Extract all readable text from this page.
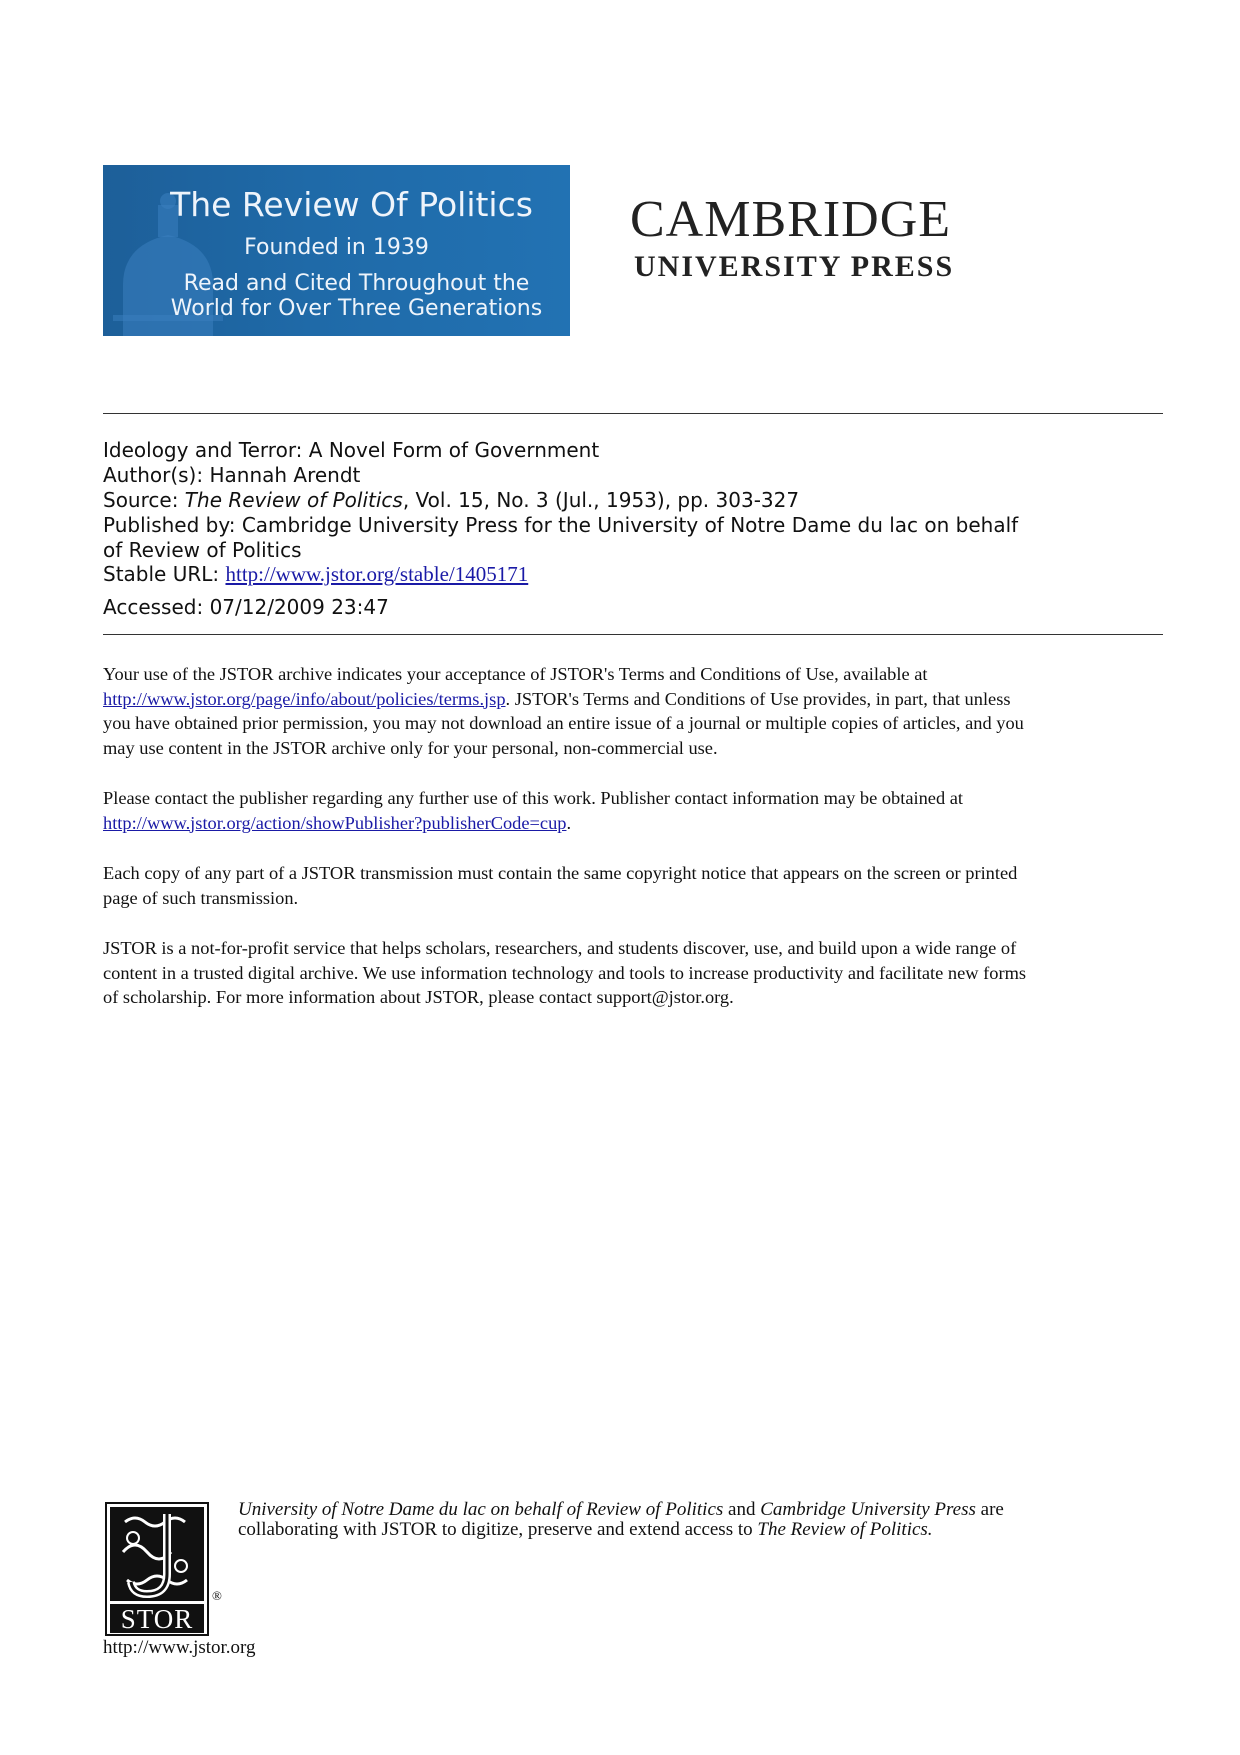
The Review Of Politics
Founded in 1939
Read and Cited Throughout the
World for Over Three Generations
CAMBRIDGE
UNIVERSITY PRESS
Ideology and Terror: A Novel Form of Government
Author(s): Hannah Arendt
Source: The Review of Politics, Vol. 15, No. 3 (Jul., 1953), pp. 303-327
Published by: Cambridge University Press for the University of Notre Dame du lac on behalf
of Review of Politics
Stable URL: http://www.jstor.org/stable/1405171
Accessed: 07/12/2009 23:47
Your use of the JSTOR archive indicates your acceptance of JSTOR's Terms and Conditions of Use, available at
http://www.jstor.org/page/info/about/policies/terms.jsp. JSTOR's Terms and Conditions of Use provides, in part, that unless
you have obtained prior permission, you may not download an entire issue of a journal or multiple copies of articles, and you
may use content in the JSTOR archive only for your personal, non-commercial use.
Please contact the publisher regarding any further use of this work. Publisher contact information may be obtained at
http://www.jstor.org/action/showPublisher?publisherCode=cup.
Each copy of any part of a JSTOR transmission must contain the same copyright notice that appears on the screen or printed
page of such transmission.
JSTOR is a not-for-profit service that helps scholars, researchers, and students discover, use, and build upon a wide range of
content in a trusted digital archive. We use information technology and tools to increase productivity and facilitate new forms
of scholarship. For more information about JSTOR, please contact support@jstor.org.
STOR
®
http://www.jstor.org
University of Notre Dame du lac on behalf of Review of Politics and Cambridge University Press are
collaborating with JSTOR to digitize, preserve and extend access to The Review of Politics.
